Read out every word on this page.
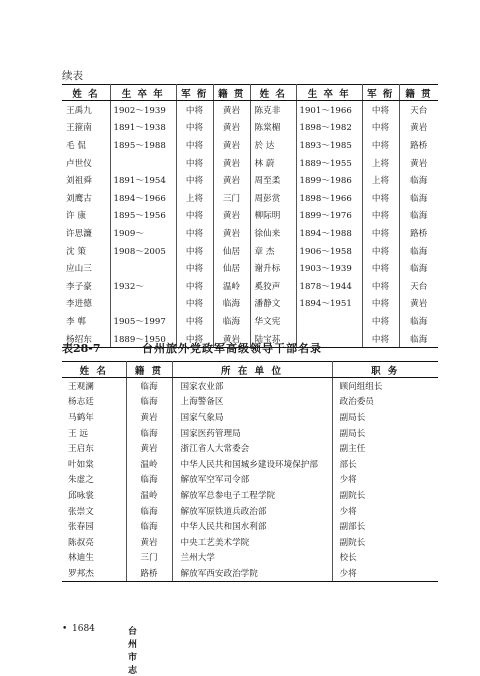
续表
姓 名	生 卒 年	军 衔	籍 贯	姓 名	生 卒 年	军 衔	籍 贯
王禹九	1902～1939	中将	黄岩	陈克非	1901～1966	中将	天台
王箍南	1891～1938	中将	黄岩	陈棠楣	1898～1982	中将	黄岩
毛 侃	1895～1988	中将	黄岩	於 达	1893～1985	中将	路桥
卢世仪		中将	黄岩	林 蔚	1889～1955	上将	黄岩
刘祖舜	1891～1954	中将	黄岩	周至柔	1899～1986	上将	临海
刘鹰古	1894～1966	上将	三门	周彭赏	1898～1966	中将	临海
许 康	1895～1956	中将	黄岩	柳际明	1899～1976	中将	临海
许思濂	1909～	中将	黄岩	徐仙来	1894～1988	中将	路桥
沈 策	1908～2005	中将	仙居	章 杰	1906～1958	中将	临海
应山三		中将	仙居	谢升标	1903～1939	中将	临海
李子豪	1932～	中将	温岭	奚狡声	1878～1944	中将	天台
李进德		中将	临海	潘静文	1894～1951	中将	黄岩
李 郸	1905～1997	中将	临海	华文宪		中将	临海
杨绍东	1889～1950	中将	黄岩	陆宝荪		中将	临海
表28-7	台州旅外党政军高级领导干部名录
姓 名	籍 贯	所 在 单 位	职 务
王观澜	临海	国家农业部	顾问组组长
杨志廷	临海	上海警备区	政治委员
马鹤年	黄岩	国家气象局	副局长
王 远	临海	国家医药管理局	副局长
王启东	黄岩	浙江省人大常委会	副主任
叶如棠	温岭	中华人民共和国城乡建设环境保护部	部长
朱虚之	临海	解放军空军司令部	少将
邱咏裳	温岭	解放军总参电子工程学院	副院长
张崇文	临海	解放军原铁道兵政治部	少将
张春园	临海	中华人民共和国水利部	副部长
陈叔亮	黄岩	中央工艺美术学院	副院长
林迪生	三门	兰州大学	校长
罗邦杰	路桥	解放军西安政治学院	少将
• 1684	台州市志
